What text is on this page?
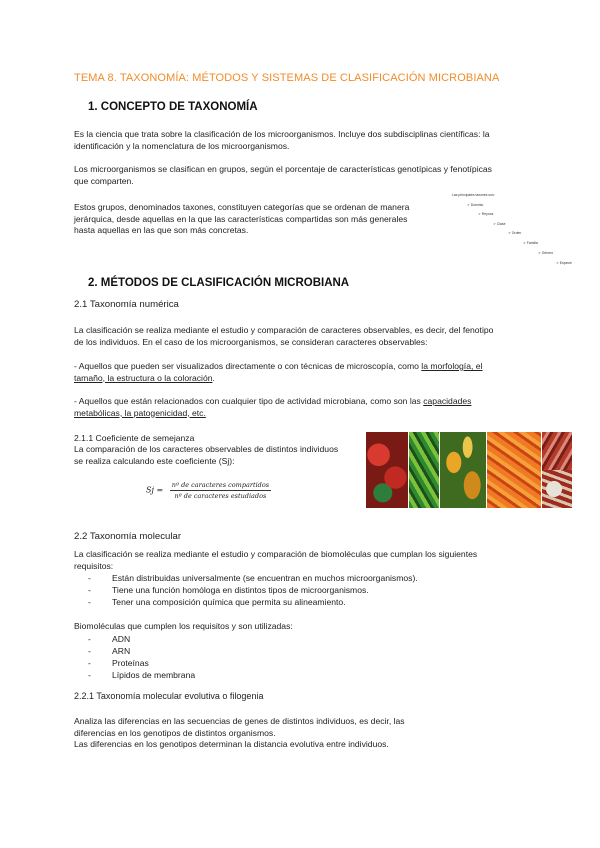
TEMA 8. TAXONOMÍA: MÉTODOS Y SISTEMAS DE CLASIFICACIÓN MICROBIANA
1. CONCEPTO DE TAXONOMÍA
Es la ciencia que trata sobre la clasificación de los microorganismos. Incluye dos subdisciplinas científicas: la
identificación y la nomenclatura de los microorganismos.
Los microorganismos se clasifican en grupos, según el porcentaje de características genotípicas y fenotípicas
que comparten.
Estos grupos, denominados taxones, constituyen categorías que se ordenan de manera
jerárquica, desde aquellas en la que las características compartidas son más generales
hasta aquellas en las que son más concretas.
Las principales taxones son:
➢ Dominio
➢ Reynos
➢ Clase
➢ Orden
➢ Familia
➢ Género
➢ Especie
2. MÉTODOS DE CLASIFICACIÓN MICROBIANA
2.1 Taxonomía numérica
La clasificación se realiza mediante el estudio y comparación de caracteres observables, es decir, del fenotipo
de los individuos. En el caso de los microorganismos, se consideran caracteres observables:
- Aquellos que pueden ser visualizados directamente o con técnicas de microscopía, como la morfología, el
tamaño, la estructura o la coloración.
- Aquellos que están relacionados con cualquier tipo de actividad microbiana, como son las capacidades
metabólicas, la patogenicidad, etc.
2.1.1 Coeficiente de semejanza
La comparación de los caracteres observables de distintos individuos
se realiza calculando este coeficiente (Sj):
$Sj = \frac{\text{nº de caracteres compartidos}}{\text{nº de caracteres estudiados}}$
2.2 Taxonomía molecular
La clasificación se realiza mediante el estudio y comparación de biomoléculas que cumplan los siguientes
requisitos:
- Están distribuidas universalmente (se encuentran en muchos microorganismos).
- Tiene una función homóloga en distintos tipos de microorganismos.
- Tener una composición química que permita su alineamiento.
Biomoléculas que cumplen los requisitos y son utilizadas:
- ADN
- ARN
- Proteínas
- Lípidos de membrana
2.2.1 Taxonomía molecular evolutiva o filogenia
Analiza las diferencias en las secuencias de genes de distintos individuos, es decir, las
diferencias en los genotipos de distintos organismos.
Las diferencias en los genotipos determinan la distancia evolutiva entre individuos.
